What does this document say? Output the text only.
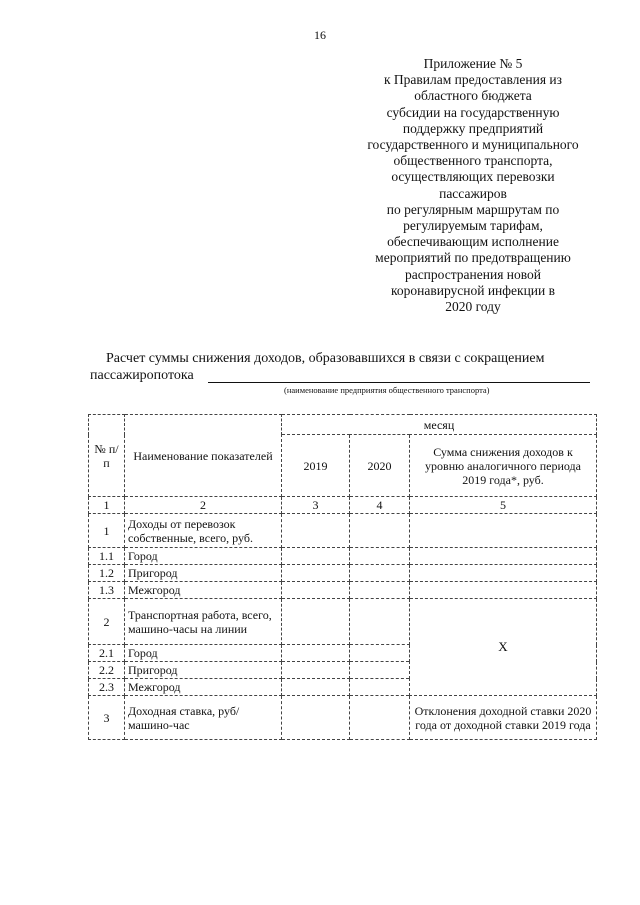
16
Приложение № 5
к Правилам предоставления из
областного бюджета
субсидии на государственную
поддержку предприятий
государственного и муниципального
общественного транспорта,
осуществляющих перевозки
пассажиров
по регулярным маршрутам по
регулируемым тарифам,
обеспечивающим исполнение
мероприятий по предотвращению
распространения новой
коронавирусной инфекции в
2020 году
Расчет суммы снижения доходов, образовавшихся в связи с сокращением
пассажиропотока
(наименование предприятия общественного транспорта)
№ п/п	Наименование показателей	месяц		
		2019	2020	Сумма снижения доходов к уровню аналогичного периода 2019 года*, руб.
1	2	3	4	5
1	Доходы от перевозок собственные, всего, руб.			
1.1	Город			
1.2	Пригород			
1.3	Межгород			
2	Транспортная работа, всего, машино-часы на линии			Х
2.1	Город			
2.2	Пригород			
2.3	Межгород			
3	Доходная ставка, руб/машино-час			Отклонения доходной ставки 2020 года от доходной ставки 2019 года
